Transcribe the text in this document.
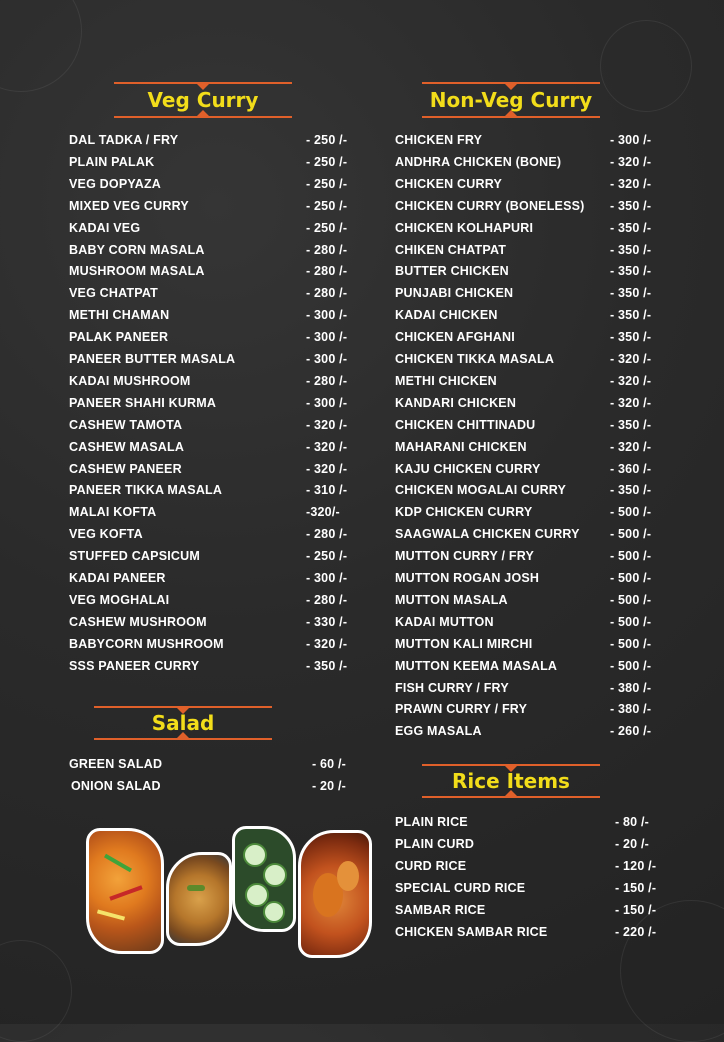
Veg Curry
DAL TADKA / FRY	- 250 /-
PLAIN PALAK	- 250 /-
VEG DOPYAZA	- 250 /-
MIXED VEG CURRY	- 250 /-
KADAI VEG	- 250 /-
BABY CORN MASALA	- 280 /-
MUSHROOM MASALA	- 280 /-
VEG CHATPAT	- 280 /-
METHI CHAMAN	- 300 /-
PALAK PANEER	- 300 /-
PANEER BUTTER MASALA	- 300 /-
KADAI MUSHROOM	- 280 /-
PANEER SHAHI KURMA	- 300 /-
CASHEW TAMOTA	- 320 /-
CASHEW MASALA	- 320 /-
CASHEW PANEER	- 320 /-
PANEER TIKKA MASALA	- 310 /-
MALAI KOFTA	-320/-
VEG KOFTA	- 280 /-
STUFFED CAPSICUM	- 250 /-
KADAI PANEER	- 300 /-
VEG MOGHALAI	- 280 /-
CASHEW MUSHROOM	- 330 /-
BABYCORN MUSHROOM	- 320 /-
SSS PANEER CURRY	- 350 /-
Non-Veg Curry
CHICKEN FRY	- 300 /-
ANDHRA CHICKEN (BONE)	- 320 /-
CHICKEN CURRY	- 320 /-
CHICKEN CURRY (BONELESS) - 350 /-
CHICKEN KOLHAPURI	- 350 /-
CHIKEN CHATPAT	- 350 /-
BUTTER CHICKEN	- 350 /-
PUNJABI CHICKEN	- 350 /-
KADAI CHICKEN	- 350 /-
CHICKEN AFGHANI	- 350 /-
CHICKEN TIKKA MASALA	- 320 /-
METHI CHICKEN	- 320 /-
KANDARI CHICKEN	- 320 /-
CHICKEN CHITTINADU	- 350 /-
MAHARANI CHICKEN	- 320 /-
KAJU CHICKEN CURRY	- 360 /-
CHICKEN MOGALAI CURRY	- 350 /-
KDP CHICKEN CURRY	- 500 /-
SAAGWALA CHICKEN CURRY - 500 /-
MUTTON CURRY / FRY	- 500 /-
MUTTON ROGAN JOSH	- 500 /-
MUTTON MASALA	- 500 /-
KADAI MUTTON	- 500 /-
MUTTON KALI MIRCHI	- 500 /-
MUTTON KEEMA MASALA	- 500 /-
FISH CURRY / FRY	- 380 /-
PRAWN CURRY / FRY	- 380 /-
EGG MASALA	- 260 /-
Salad
GREEN SALAD	- 60 /-
ONION SALAD	- 20 /-	Rice Items
PLAIN RICE	- 80 /-
PLAIN CURD	- 20 /-
CURD RICE	- 120 /-
SPECIAL CURD RICE	- 150 /-
SAMBAR RICE	- 150 /-
CHICKEN SAMBAR RICE	- 220 /-
